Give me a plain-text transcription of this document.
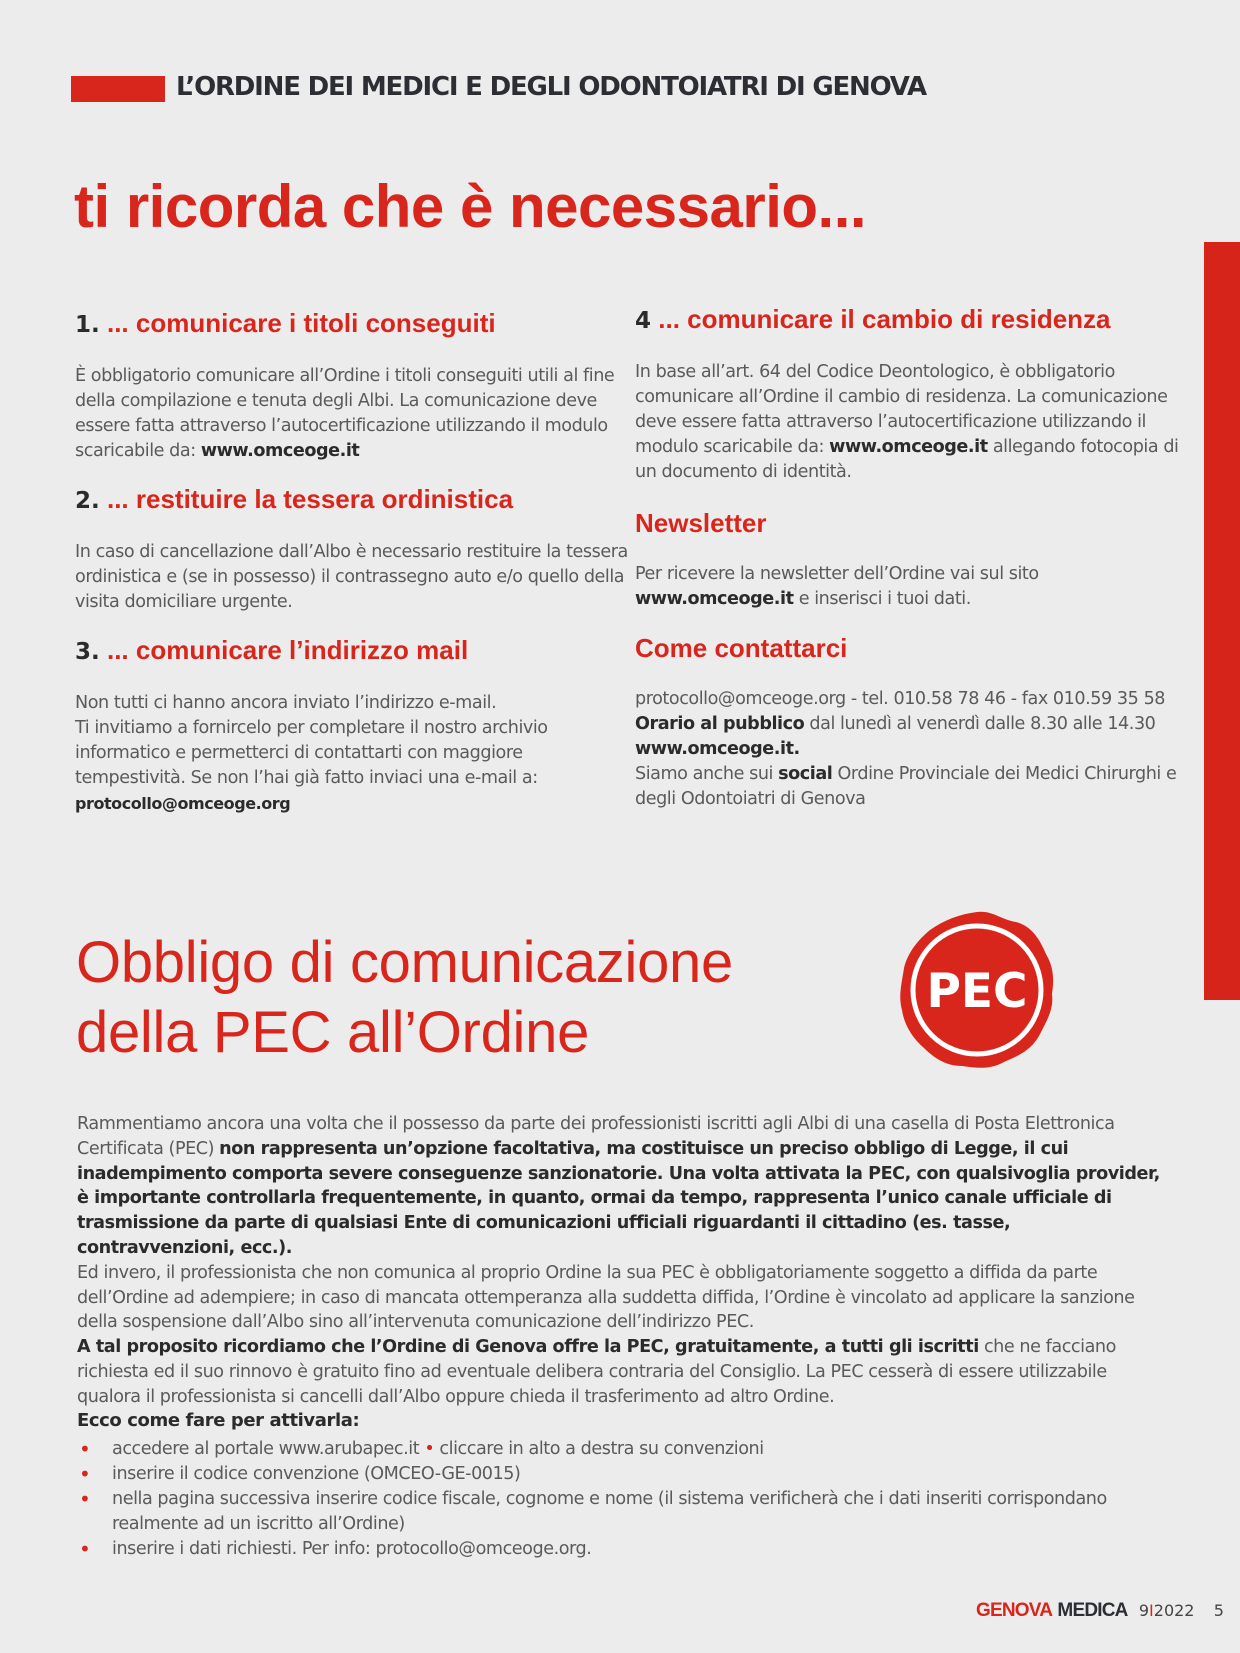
L’ORDINE DEI MEDICI E DEGLI ODONTOIATRI DI GENOVA
ti ricorda che è necessario...
1. ... comunicare i titoli conseguiti

È obbligatorio comunicare all’Ordine i titoli conseguiti utili al fine della compilazione e tenuta degli Albi. La comunicazione deve essere fatta attraverso l’autocertificazione utilizzando il modulo scaricabile da: www.omceoge.it

2. ... restituire la tessera ordinistica

In caso di cancellazione dall’Albo è necessario restituire la tessera ordinistica e (se in possesso) il contrassegno auto e/o quello della visita domiciliare urgente.

3. ... comunicare l’indirizzo mail

Non tutti ci hanno ancora inviato l’indirizzo e-mail.
Ti invitiamo a fornircelo per completare il nostro archivio informatico e permetterci di contattarti con maggiore tempestività. Se non l’hai già fatto inviaci una e-mail a:
protocollo@omceoge.org

4 ... comunicare il cambio di residenza

In base all’art. 64 del Codice Deontologico, è obbligatorio comunicare all’Ordine il cambio di residenza. La comunicazione deve essere fatta attraverso l’autocertificazione utilizzando il modulo scaricabile da: www.omceoge.it allegando fotocopia di un documento di identità.

Newsletter

Per ricevere la newsletter dell’Ordine vai sul sito
www.omceoge.it e inserisci i tuoi dati.

Come contattarci

protocollo@omceoge.org - tel. 010.58 78 46 - fax 010.59 35 58
Orario al pubblico dal lunedì al venerdì dalle 8.30 alle 14.30
www.omceoge.it.
Siamo anche sui social Ordine Provinciale dei Medici Chirurghi e degli Odontoiatri di Genova

Obbligo di comunicazione
della PEC all’Ordine
PEC

Rammentiamo ancora una volta che il possesso da parte dei professionisti iscritti agli Albi di una casella di Posta Elettronica Certificata (PEC) non rappresenta un’opzione facoltativa, ma costituisce un preciso obbligo di Legge, il cui inadempimento comporta severe conseguenze sanzionatorie. Una volta attivata la PEC, con qualsivoglia provider, è importante controllarla frequentemente, in quanto, ormai da tempo, rappresenta l’unico canale ufficiale di trasmissione da parte di qualsiasi Ente di comunicazioni ufficiali riguardanti il cittadino (es. tasse, contravvenzioni, ecc.).
Ed invero, il professionista che non comunica al proprio Ordine la sua PEC è obbligatoriamente soggetto a diffida da parte dell’Ordine ad adempiere; in caso di mancata ottemperanza alla suddetta diffida, l’Ordine è vincolato ad applicare la sanzione della sospensione dall’Albo sino all’intervenuta comunicazione dell’indirizzo PEC.
A tal proposito ricordiamo che l’Ordine di Genova offre la PEC, gratuitamente, a tutti gli iscritti che ne facciano richiesta ed il suo rinnovo è gratuito fino ad eventuale delibera contraria del Consiglio. La PEC cesserà di essere utilizzabile qualora il professionista si cancelli dall’Albo oppure chieda il trasferimento ad altro Ordine.

Ecco come fare per attivarla:
• accedere al portale www.arubapec.it • cliccare in alto a destra su convenzioni
• inserire il codice convenzione (OMCEO-GE-0015)
• nella pagina successiva inserire codice fiscale, cognome e nome (il sistema verificherà che i dati inseriti corrispondano realmente ad un iscritto all’Ordine)
• inserire i dati richiesti. Per info: protocollo@omceoge.org.
GENOVA MEDICA 9I2022 5
